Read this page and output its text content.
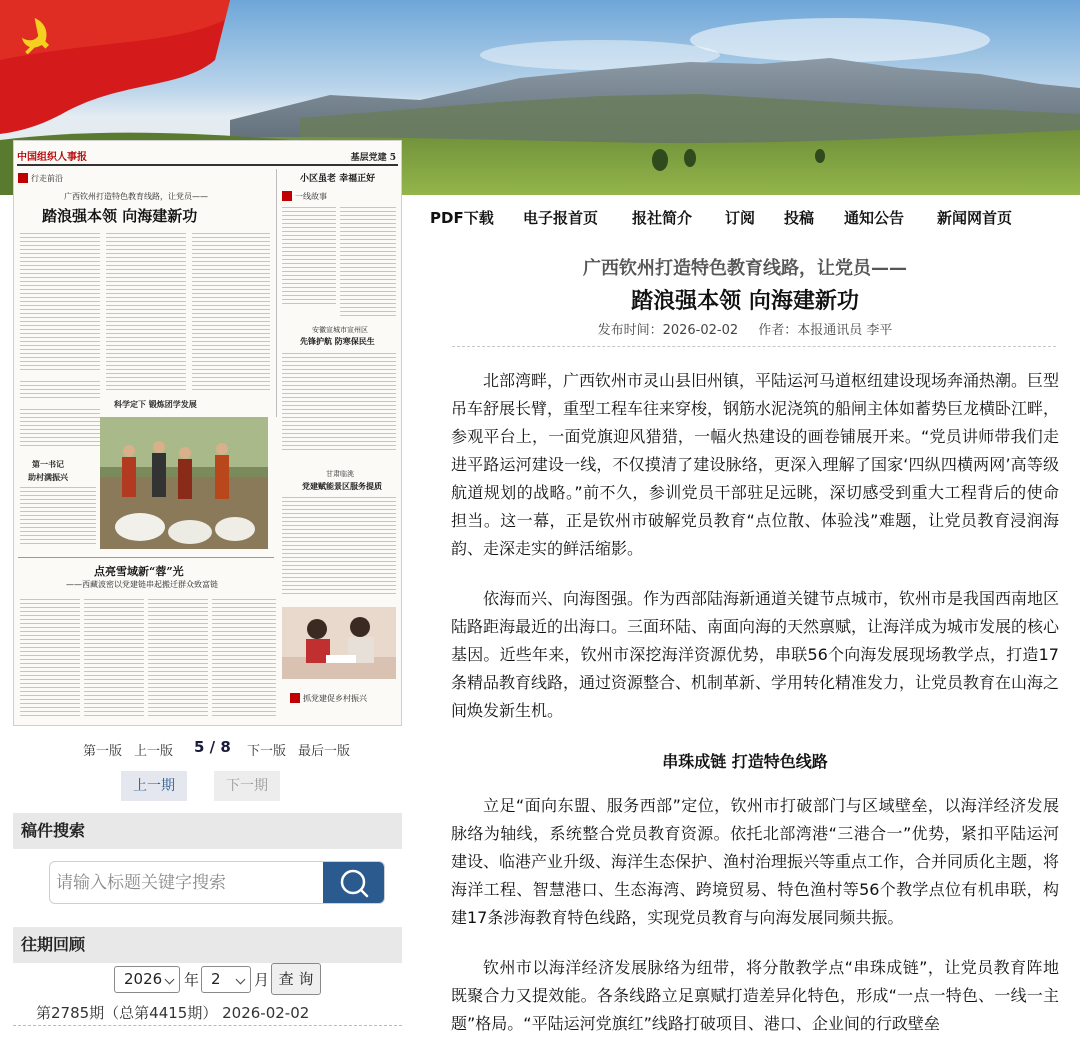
中国组织人事报	基层党建 5
行走前沿
广西钦州打造特色教育线路，让党员——
踏浪强本领 向海建新功
科学定下 锻炼团学发展
小区虽老 幸福正好
一线故事
安徽宣城市宣州区
先锋护航 防寒保民生
甘肃临洮
党建赋能景区服务提质
第一书记
助村满振兴
点亮雪域新“蓉”光
——西藏波密以党建链串起搬迁群众致富链
抓党建促乡村振兴
第一版 上一版 5 / 8 下一版 最后一版
上一期	下一期
稿件搜索
请输入标题关键字搜索
往期回顾
2026	年 2	月 查 询
第2785期（总第4415期） 2026-02-02
PDF下载 电子报首页 报社简介 订阅 投稿 通知公告 新闻网首页
广西钦州打造特色教育线路，让党员——
踏浪强本领 向海建新功
发布时间：2026-02-02 作者：本报通讯员 李平

北部湾畔，广西钦州市灵山县旧州镇，平陆运河马道枢纽建设现场奔涌热潮。巨型吊车舒展长臂，重型工程车往来穿梭，钢筋水泥浇筑的船闸主体如蓄势巨龙横卧江畔，参观平台上，一面党旗迎风猎猎，一幅火热建设的画卷铺展开来。“党员讲师带我们走进平路运河建设一线，不仅摸清了建设脉络，更深入理解了国家‘四纵四横两网’高等级航道规划的战略。”前不久，参训党员干部驻足远眺，深切感受到重大工程背后的使命担当。这一幕，正是钦州市破解党员教育“点位散、体验浅”难题，让党员教育浸润海韵、走深走实的鲜活缩影。

依海而兴、向海图强。作为西部陆海新通道关键节点城市，钦州市是我国西南地区陆路距海最近的出海口。三面环陆、南面向海的天然禀赋，让海洋成为城市发展的核心基因。近些年来，钦州市深挖海洋资源优势，串联56个向海发展现场教学点，打造17条精品教育线路，通过资源整合、机制革新、学用转化精准发力，让党员教育在山海之间焕发新生机。

串珠成链 打造特色线路

立足“面向东盟、服务西部”定位，钦州市打破部门与区域壁垒，以海洋经济发展脉络为轴线，系统整合党员教育资源。依托北部湾港“三港合一”优势，紧扣平陆运河建设、临港产业升级、海洋生态保护、渔村治理振兴等重点工作，合并同质化主题，将海洋工程、智慧港口、生态海湾、跨境贸易、特色渔村等56个教学点位有机串联，构建17条涉海教育特色线路，实现党员教育与向海发展同频共振。

钦州市以海洋经济发展脉络为纽带，将分散教学点“串珠成链”，让党员教育阵地既聚合力又提效能。各条线路立足禀赋打造差异化特色，形成“一点一特色、一线一主题”格局。“平陆运河党旗红”线路打破项目、港口、企业间的行政壁垒
